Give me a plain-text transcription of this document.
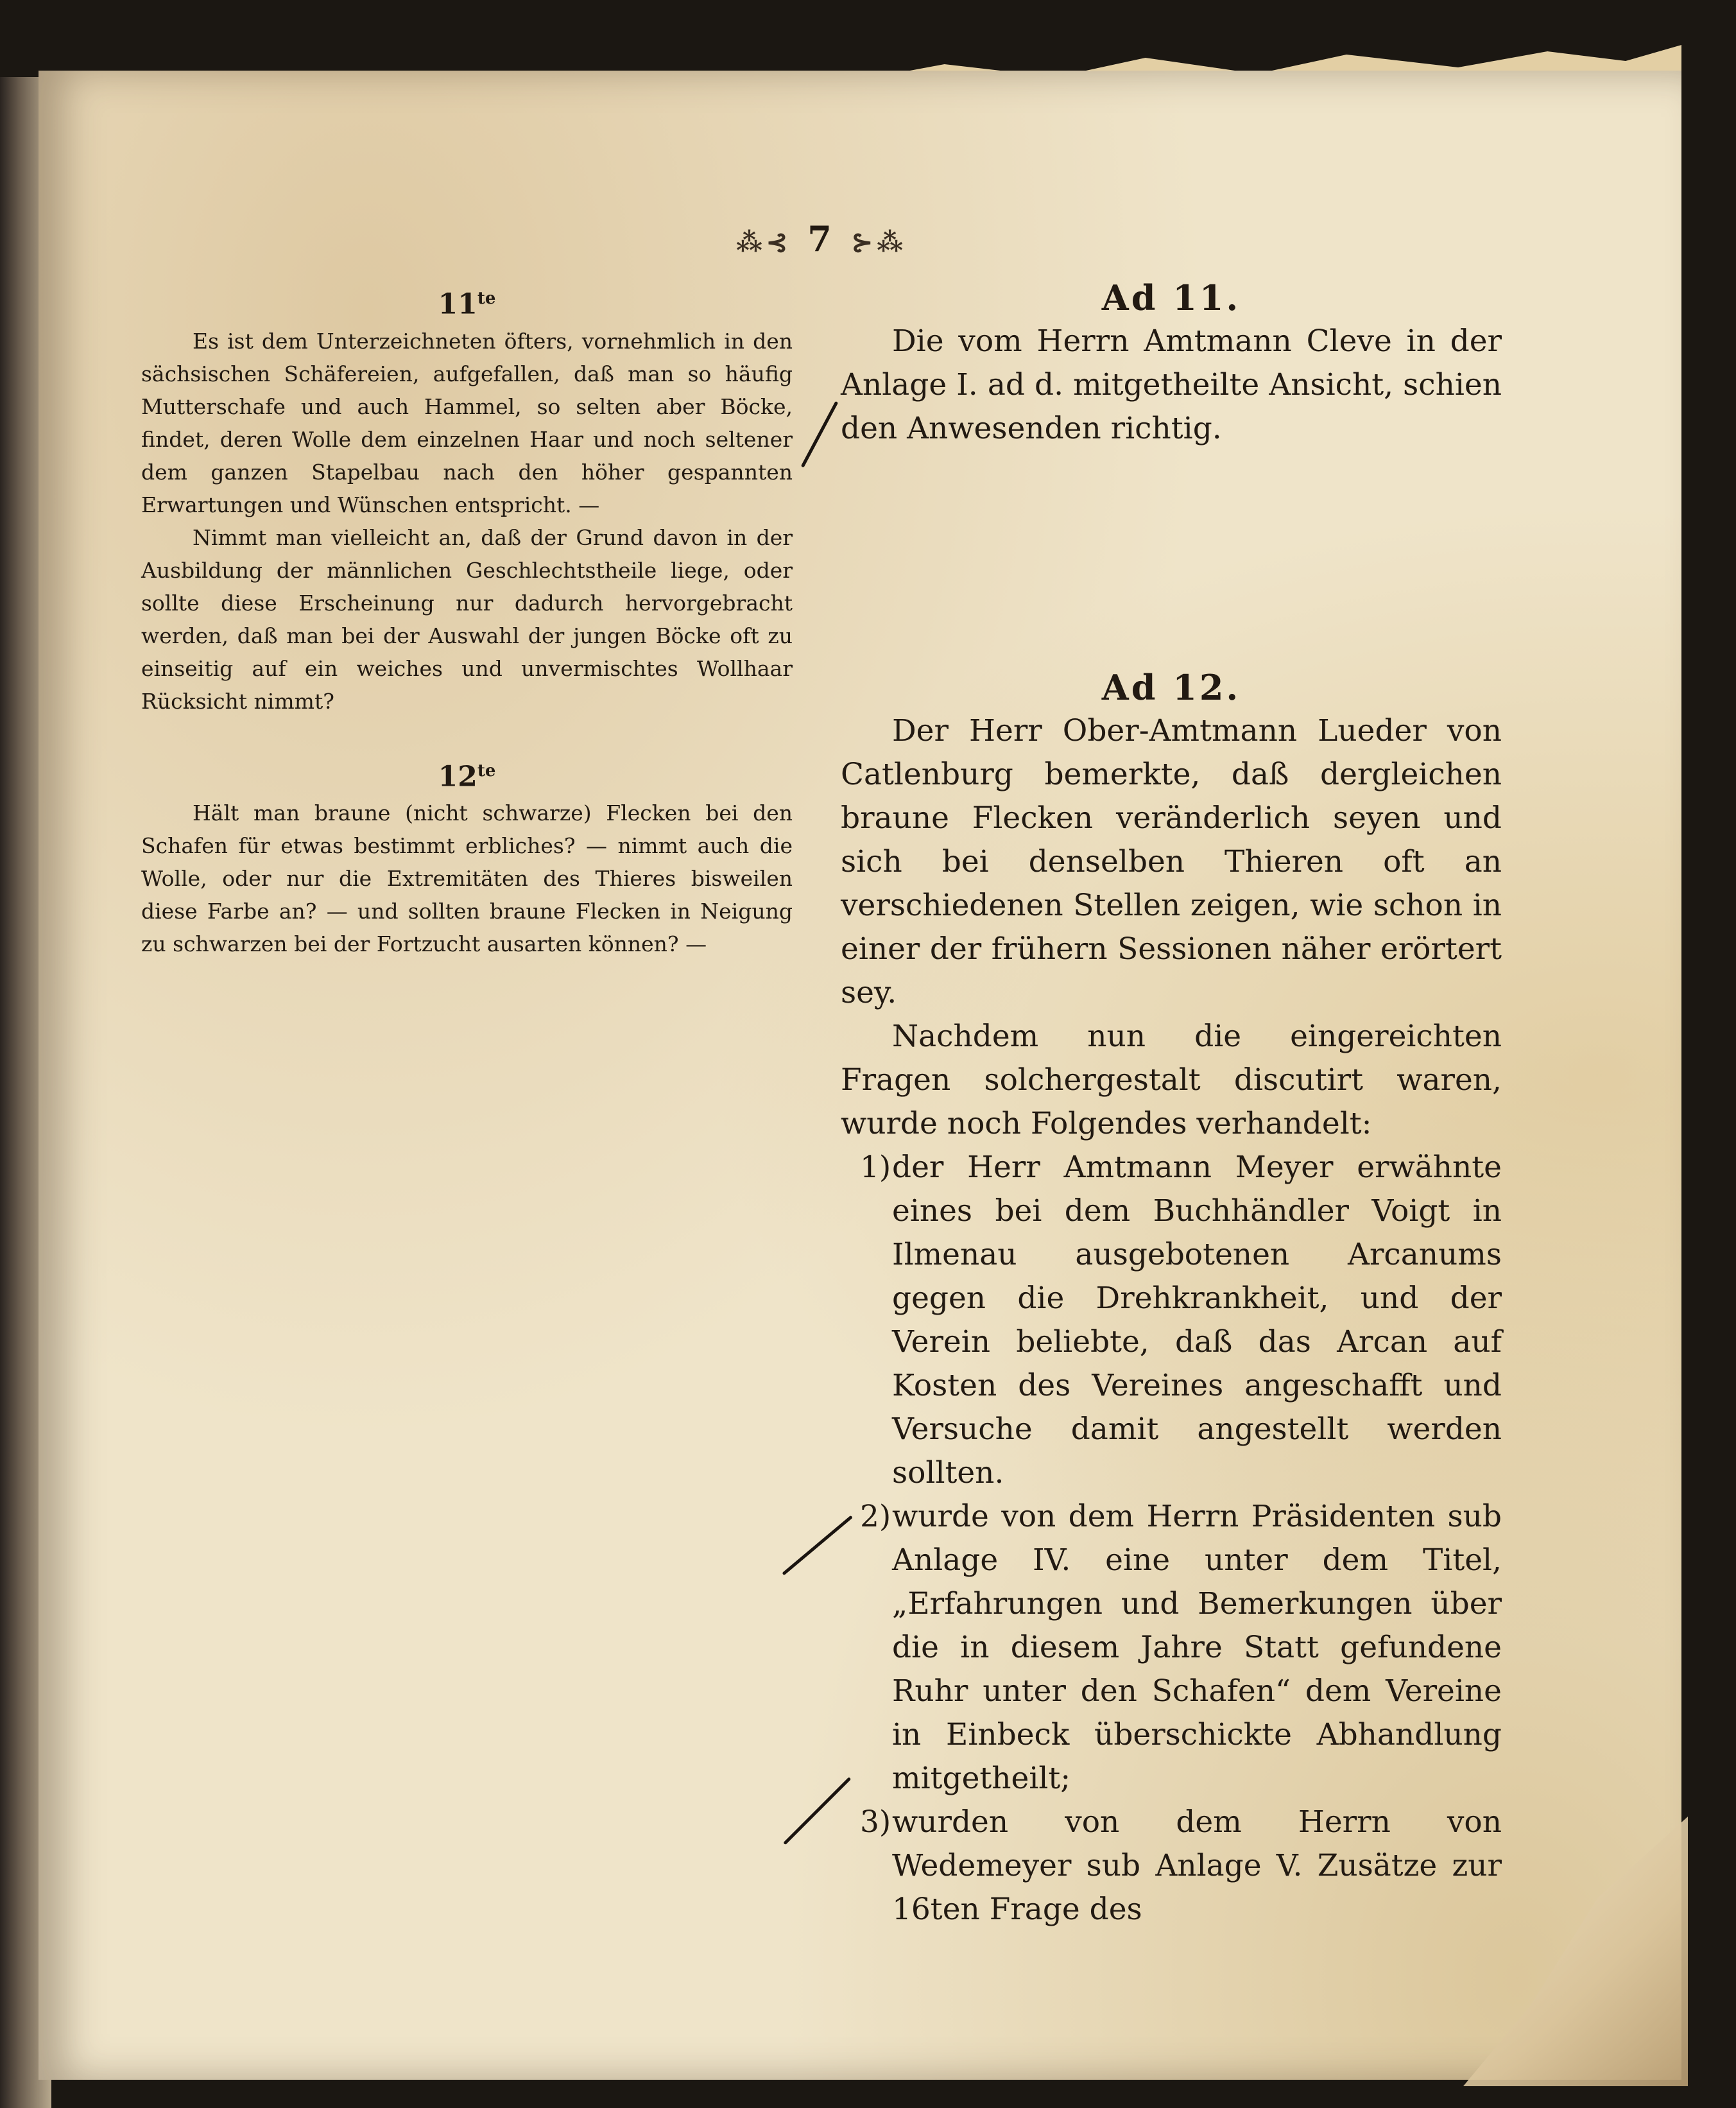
⁂⊰ 7 ⊱⁂
$11^{te}$

Es ist dem Unterzeichneten öfters, vornehmlich in den sächsischen Schäfereien, aufgefallen, daß man so häufig Mutterschafe und auch Hammel, so selten aber Böcke, findet, deren Wolle dem einzelnen Haar und noch seltener dem ganzen Stapelbau nach den höher gespannten Erwartungen und Wünschen entspricht. —

Nimmt man vielleicht an, daß der Grund davon in der Ausbildung der männlichen Geschlechtstheile liege, oder sollte diese Erscheinung nur dadurch hervorgebracht werden, daß man bei der Auswahl der jungen Böcke oft zu einseitig auf ein weiches und unvermischtes Wollhaar Rücksicht nimmt?

$12^{te}$

Hält man braune (nicht schwarze) Flecken bei den Schafen für etwas bestimmt erbliches? — nimmt auch die Wolle, oder nur die Extremitäten des Thieres bisweilen diese Farbe an? — und sollten braune Flecken in Neigung zu schwarzen bei der Fortzucht ausarten können? —

Ad 11.

Die vom Herrn Amtmann Cleve in der Anlage I. ad d. mitgetheilte Ansicht, schien den Anwesenden richtig.

Ad 12.

Der Herr Ober-Amtmann Lueder von Catlenburg bemerkte, daß dergleichen braune Flecken veränderlich seyen und sich bei denselben Thieren oft an verschiedenen Stellen zeigen, wie schon in einer der frühern Sessionen näher erörtert sey.

Nachdem nun die eingereichten Fragen solchergestalt discutirt waren, wurde noch Folgendes verhandelt:

1) der Herr Amtmann Meyer erwähnte eines bei dem Buchhändler Voigt in Ilmenau ausgebotenen Arcanums gegen die Drehkrankheit, und der Verein beliebte, daß das Arcan auf Kosten des Vereines angeschafft und Versuche damit angestellt werden sollten.
2) wurde von dem Herrn Präsidenten sub Anlage IV. eine unter dem Titel, „Erfahrungen und Bemerkungen über die in diesem Jahre Statt gefundene Ruhr unter den Schafen“ dem Vereine in Einbeck überschickte Abhandlung mitgetheilt;
3) wurden von dem Herrn von Wedemeyer sub Anlage V. Zusätze zur 16ten Frage des
